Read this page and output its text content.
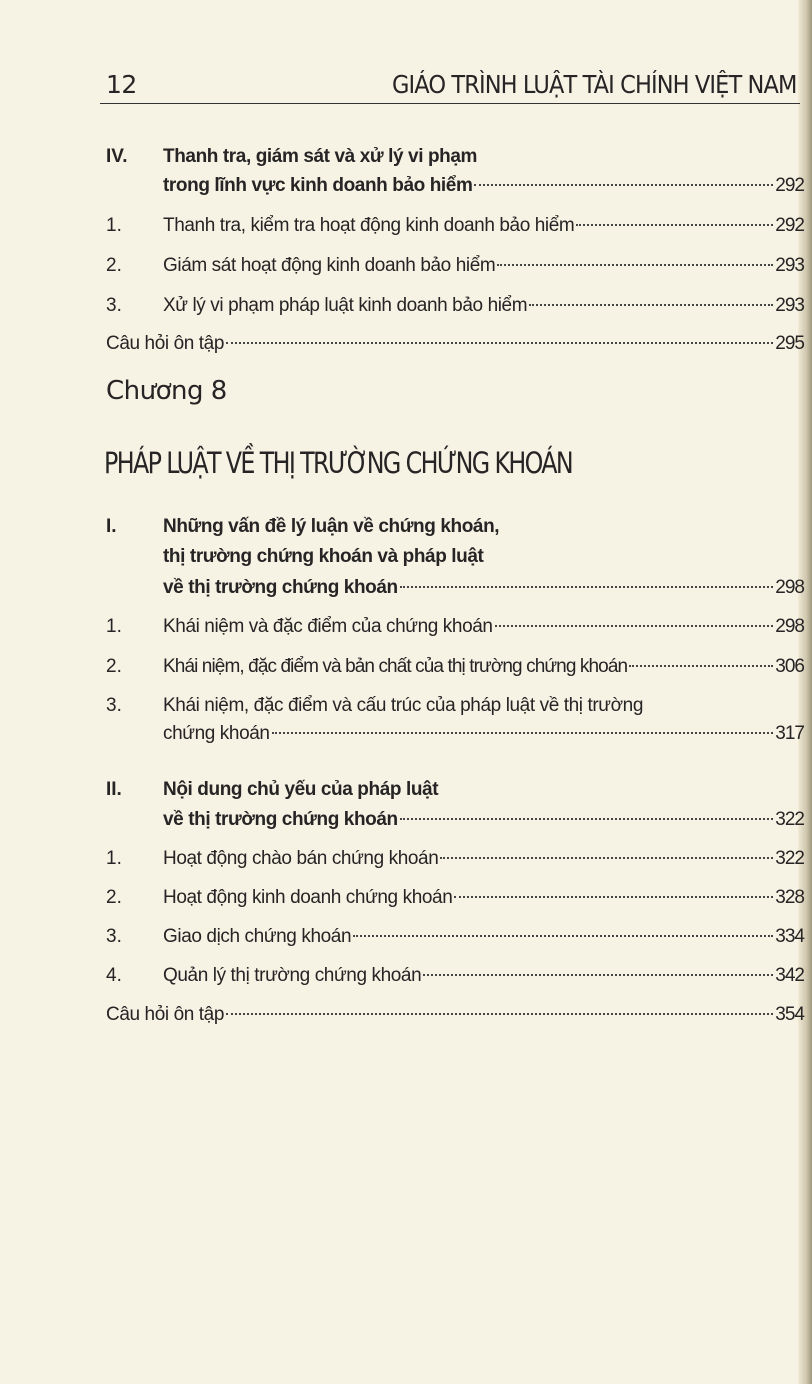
12	GIÁO TRÌNH LUẬT TÀI CHÍNH VIỆT NAM
IV.	Thanh tra, giám sát và xử lý vi phạm
trong lĩnh vực kinh doanh bảo hiểm	292
1.	Thanh tra, kiểm tra hoạt động kinh doanh bảo hiểm	292
2.	Giám sát hoạt động kinh doanh bảo hiểm	293
3.	Xử lý vi phạm pháp luật kinh doanh bảo hiểm	293
Câu hỏi ôn tập	295
Chương 8
PHÁP LUẬT VỀ THỊ TRƯỜNG CHỨNG KHOÁN
I.	Những vấn đề lý luận về chứng khoán,
thị trường chứng khoán và pháp luật
về thị trường chứng khoán	298
1.	Khái niệm và đặc điểm của chứng khoán	298
2.	Khái niệm, đặc điểm và bản chất của thị trường chứng khoán	306
3.	Khái niệm, đặc điểm và cấu trúc của pháp luật về thị trường
chứng khoán	317
II.	Nội dung chủ yếu của pháp luật
về thị trường chứng khoán	322
1.	Hoạt động chào bán chứng khoán	322
2.	Hoạt động kinh doanh chứng khoán	328
3.	Giao dịch chứng khoán	334
4.	Quản lý thị trường chứng khoán	342
Câu hỏi ôn tập	354
